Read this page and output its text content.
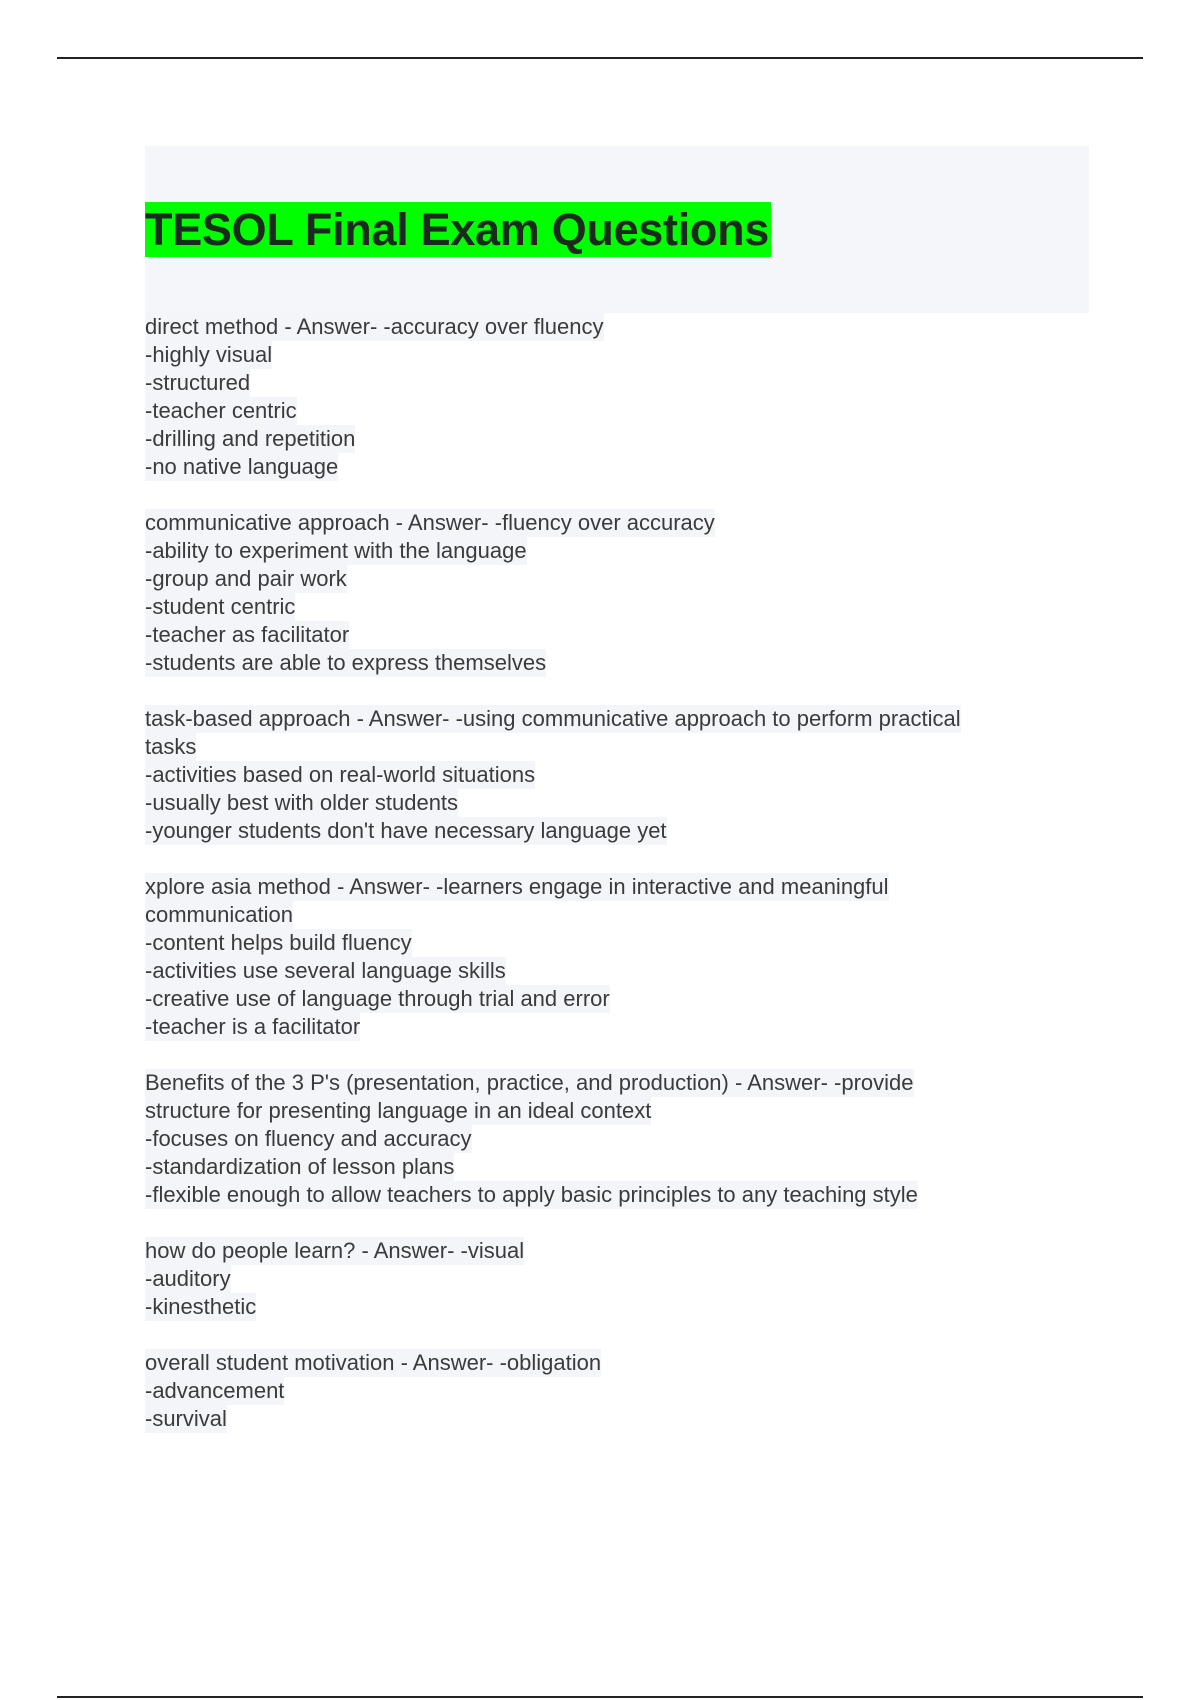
TESOL Final Exam Questions
direct method - Answer- -accuracy over fluency
-highly visual
-structured
-teacher centric
-drilling and repetition
-no native language
communicative approach - Answer- -fluency over accuracy
-ability to experiment with the language
-group and pair work
-student centric
-teacher as facilitator
-students are able to express themselves
task-based approach - Answer- -using communicative approach to perform practical
tasks
-activities based on real-world situations
-usually best with older students
-younger students don't have necessary language yet
xplore asia method - Answer- -learners engage in interactive and meaningful
communication
-content helps build fluency
-activities use several language skills
-creative use of language through trial and error
-teacher is a facilitator
Benefits of the 3 P's (presentation, practice, and production) - Answer- -provide
structure for presenting language in an ideal context
-focuses on fluency and accuracy
-standardization of lesson plans
-flexible enough to allow teachers to apply basic principles to any teaching style
how do people learn? - Answer- -visual
-auditory
-kinesthetic
overall student motivation - Answer- -obligation
-advancement
-survival
